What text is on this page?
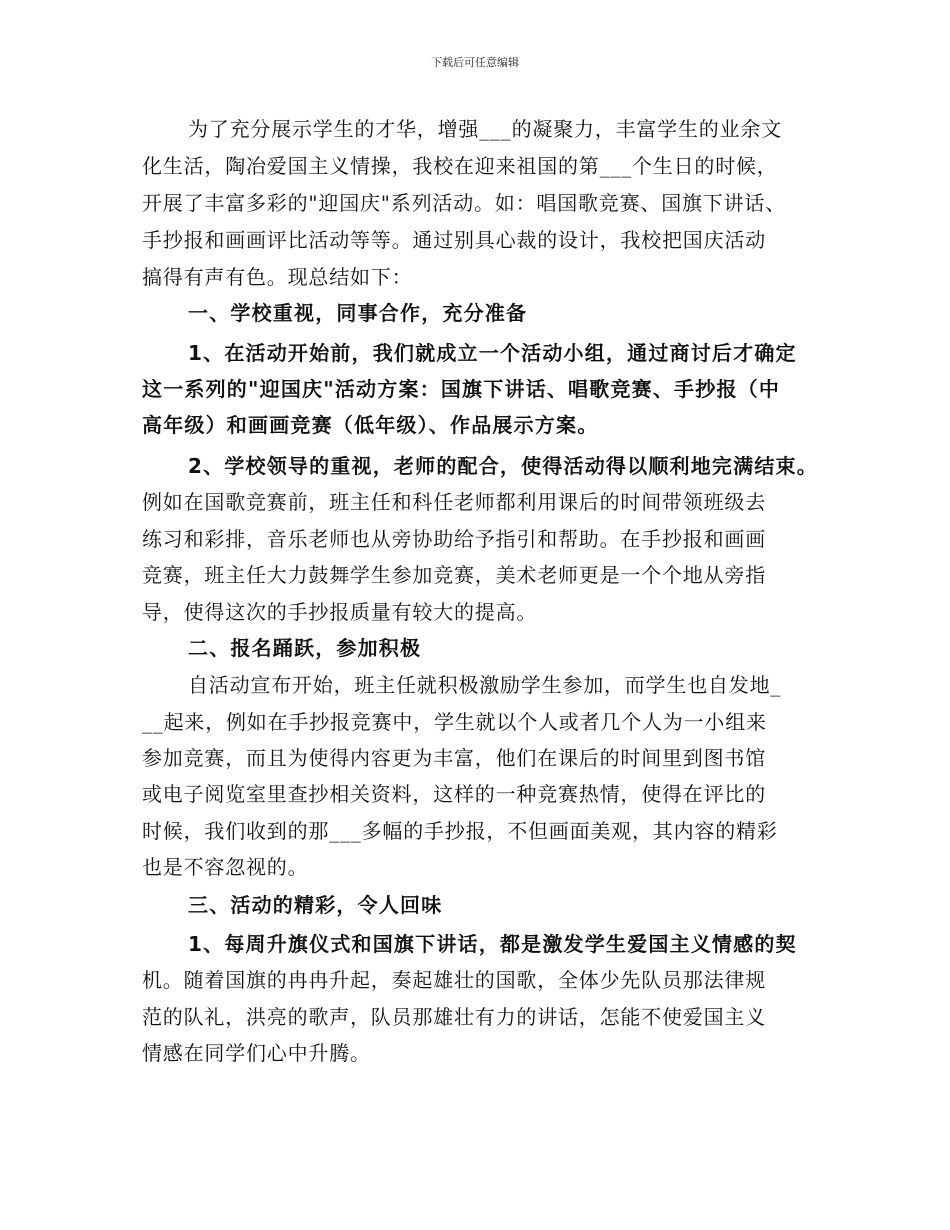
下载后可任意编辑
为了充分展示学生的才华，增强___的凝聚力，丰富学生的业余文
化生活，陶冶爱国主义情操，我校在迎来祖国的第___个生日的时候，
开展了丰富多彩的"迎国庆"系列活动。如：唱国歌竞赛、国旗下讲话、
手抄报和画画评比活动等等。通过别具心裁的设计，我校把国庆活动
搞得有声有色。现总结如下：
一、学校重视，同事合作，充分准备
1、在活动开始前，我们就成立一个活动小组，通过商讨后才确定
这一系列的"迎国庆"活动方案：国旗下讲话、唱歌竞赛、手抄报（中
高年级）和画画竞赛（低年级）、作品展示方案。
2、学校领导的重视，老师的配合，使得活动得以顺利地完满结束。
例如在国歌竞赛前，班主任和科任老师都利用课后的时间带领班级去
练习和彩排，音乐老师也从旁协助给予指引和帮助。在手抄报和画画
竞赛，班主任大力鼓舞学生参加竞赛，美术老师更是一个个地从旁指
导，使得这次的手抄报质量有较大的提高。
二、报名踊跃，参加积极
自活动宣布开始，班主任就积极激励学生参加，而学生也自发地_
__起来，例如在手抄报竞赛中，学生就以个人或者几个人为一小组来
参加竞赛，而且为使得内容更为丰富，他们在课后的时间里到图书馆
或电子阅览室里查抄相关资料，这样的一种竞赛热情，使得在评比的
时候，我们收到的那___多幅的手抄报，不但画面美观，其内容的精彩
也是不容忽视的。
三、活动的精彩，令人回味
1、每周升旗仪式和国旗下讲话，都是激发学生爱国主义情感的契
机。随着国旗的冉冉升起，奏起雄壮的国歌，全体少先队员那法律规
范的队礼，洪亮的歌声，队员那雄壮有力的讲话，怎能不使爱国主义
情感在同学们心中升腾。
